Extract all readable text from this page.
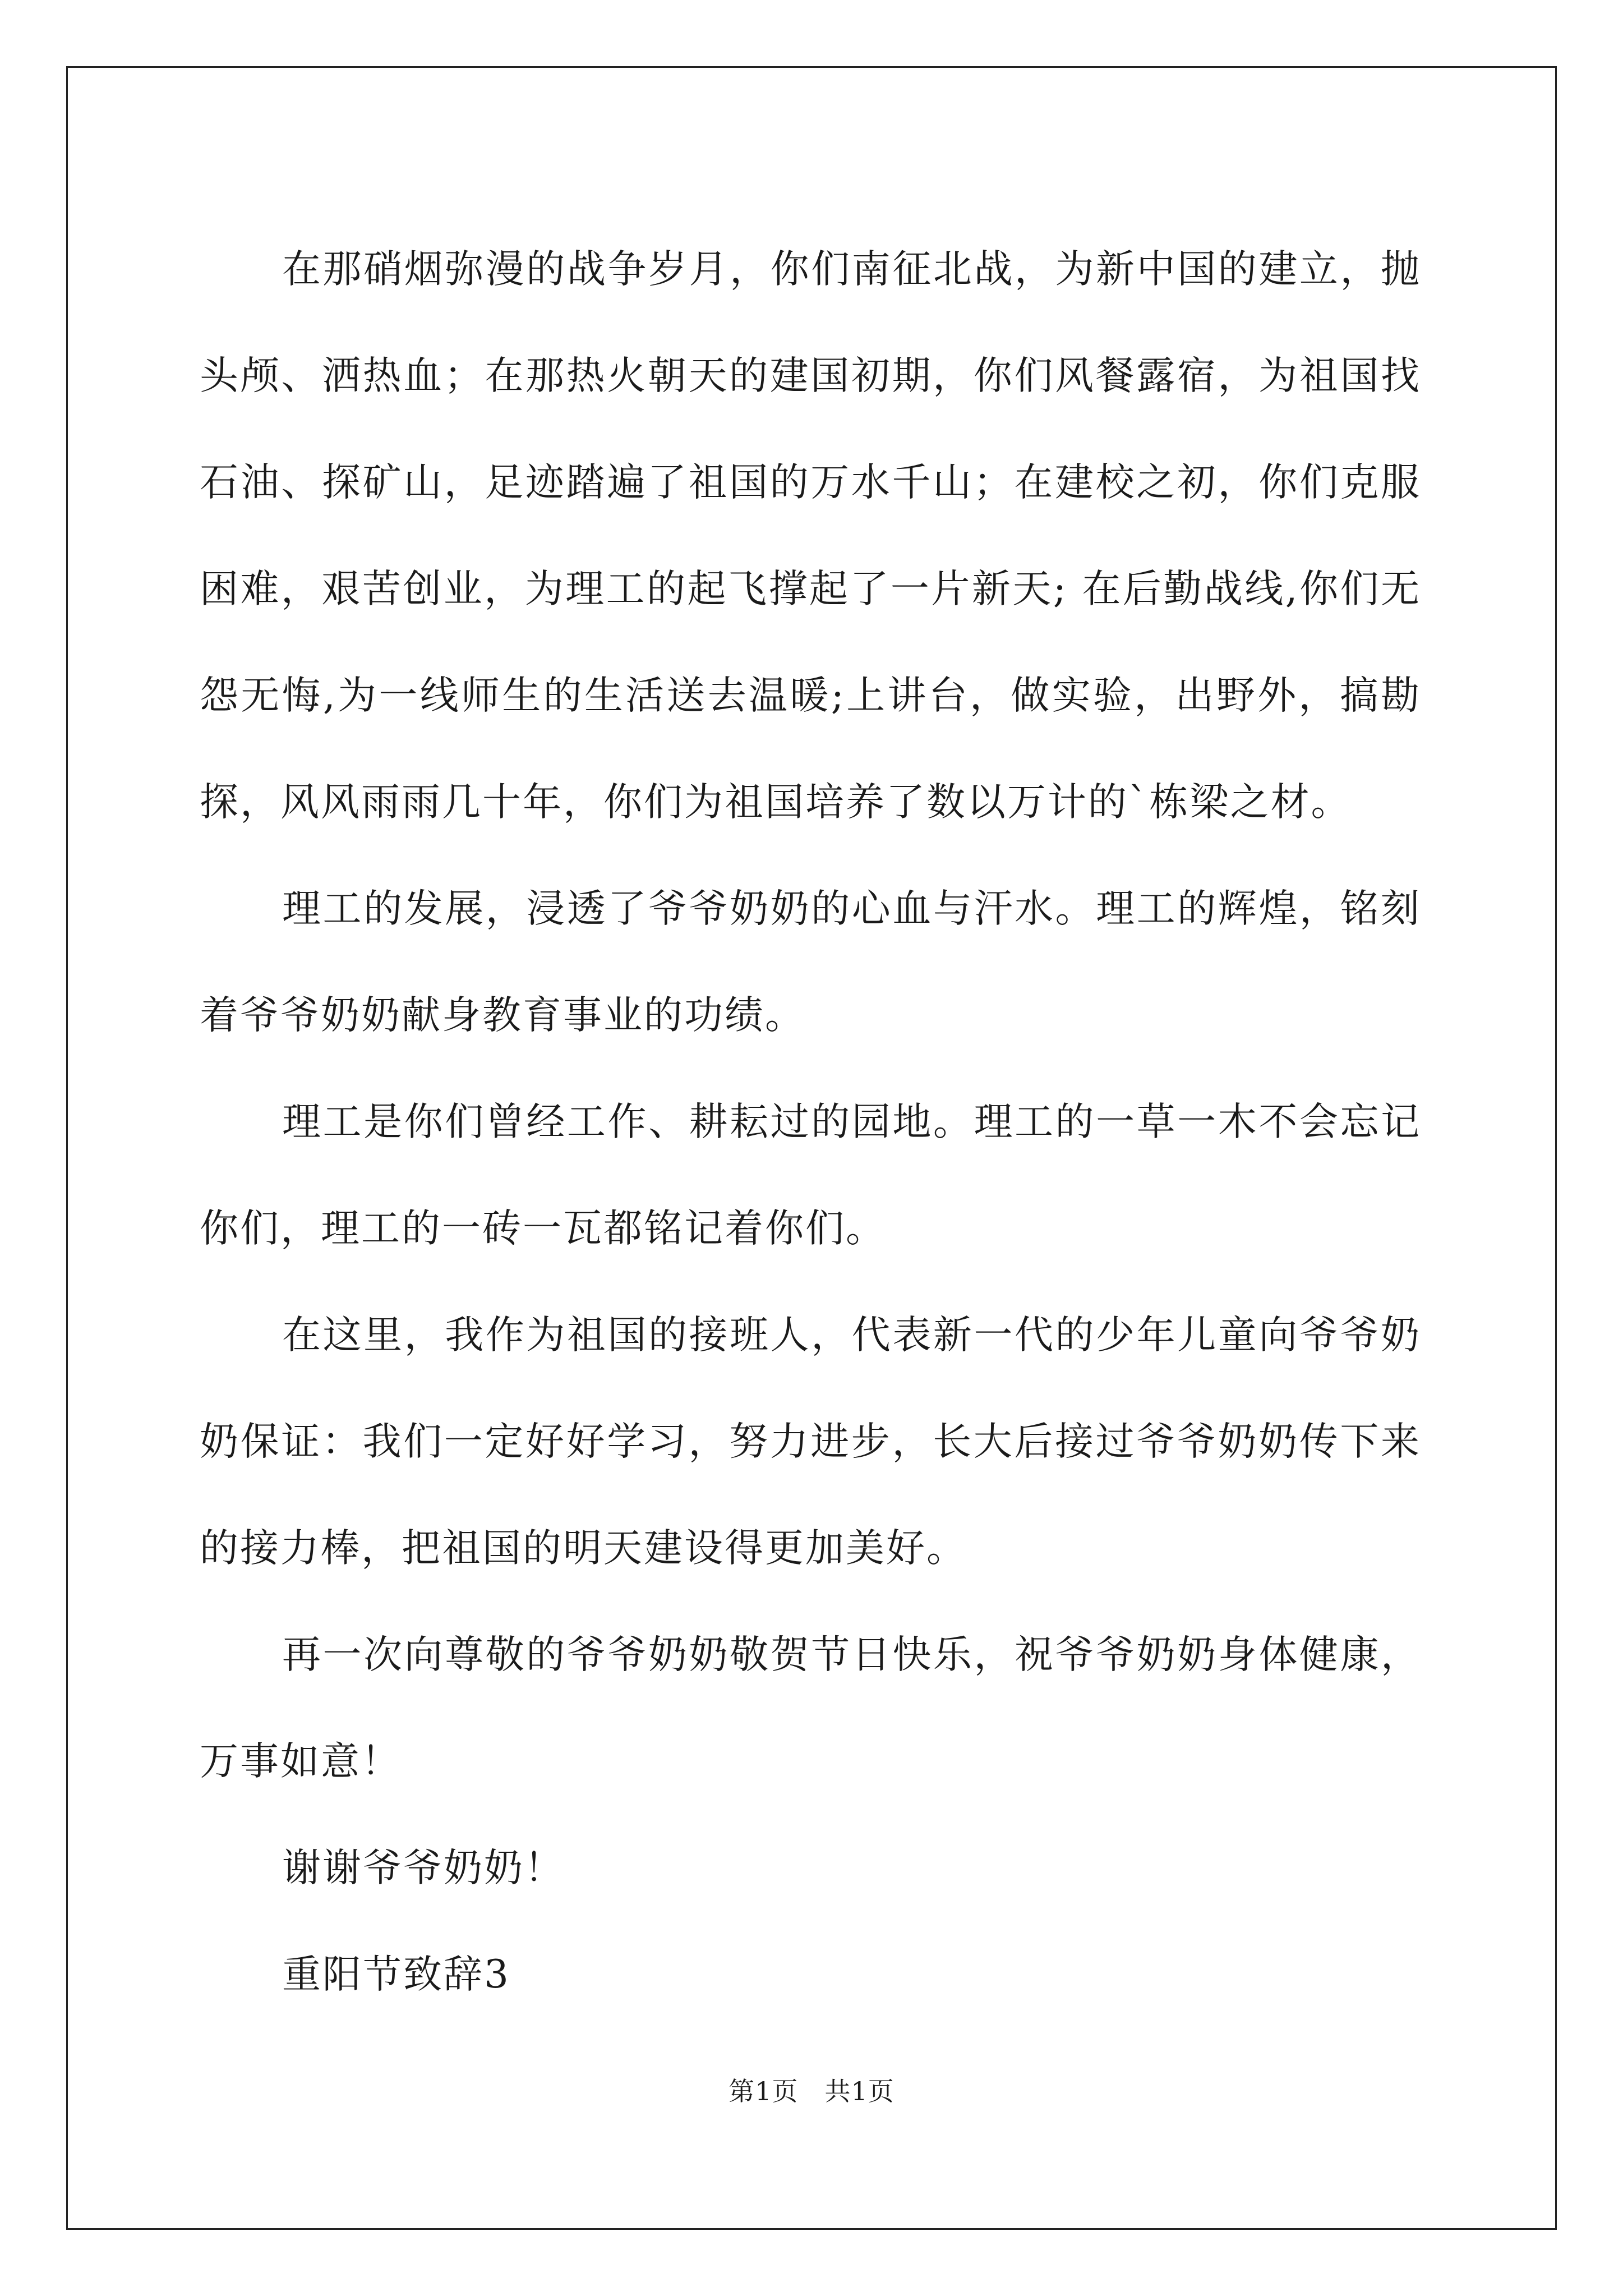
在那硝烟弥漫的战争岁月，你们南征北战，为新中国的建立，抛头颅、洒热血；在那热火朝天的建国初期，你们风餐露宿，为祖国找石油、探矿山，足迹踏遍了祖国的万水千山；在建校之初，你们克服困难，艰苦创业，为理工的起飞撑起了一片新天; 在后勤战线,你们无怨无悔,为一线师生的生活送去温暖;上讲台，做实验，出野外，搞勘探，风风雨雨几十年，你们为祖国培养了数以万计的`栋梁之材。

理工的发展，浸透了爷爷奶奶的心血与汗水。理工的辉煌，铭刻着爷爷奶奶献身教育事业的功绩。

理工是你们曾经工作、耕耘过的园地。理工的一草一木不会忘记你们，理工的一砖一瓦都铭记着你们。

在这里，我作为祖国的接班人，代表新一代的少年儿童向爷爷奶奶保证：我们一定好好学习，努力进步，长大后接过爷爷奶奶传下来的接力棒，把祖国的明天建设得更加美好。

再一次向尊敬的爷爷奶奶敬贺节日快乐，祝爷爷奶奶身体健康，万事如意！

谢谢爷爷奶奶！

重阳节致辞3

第1页　共1页
